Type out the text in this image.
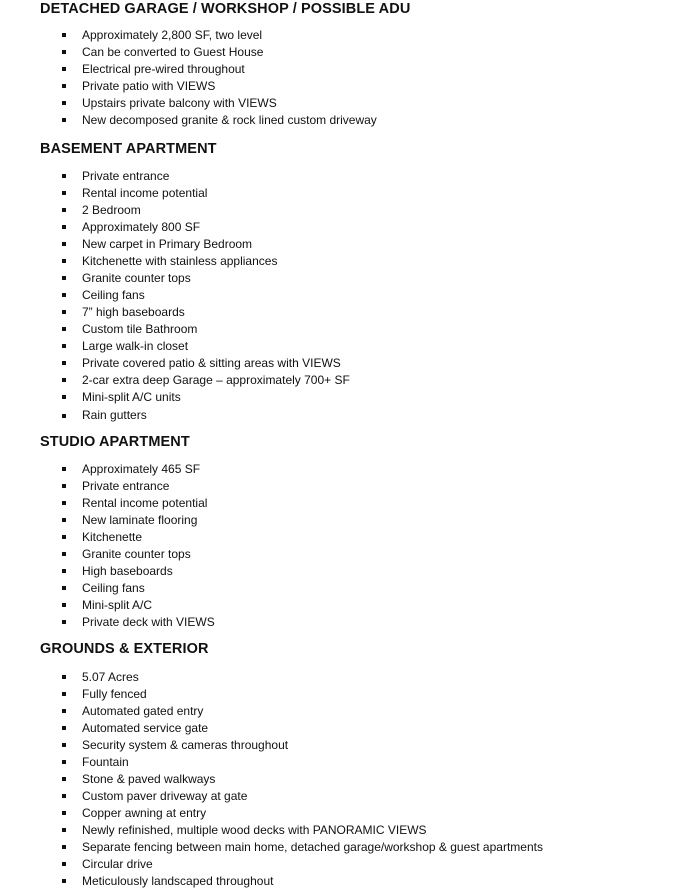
DETACHED GARAGE / WORKSHOP / POSSIBLE ADU
Approximately 2,800 SF, two level
Can be converted to Guest House
Electrical pre-wired throughout
Private patio with VIEWS
Upstairs private balcony with VIEWS
New decomposed granite & rock lined custom driveway
BASEMENT APARTMENT
Private entrance
Rental income potential
2 Bedroom
Approximately 800 SF
New carpet in Primary Bedroom
Kitchenette with stainless appliances
Granite counter tops
Ceiling fans
7” high baseboards
Custom tile Bathroom
Large walk-in closet
Private covered patio & sitting areas with VIEWS
2-car extra deep Garage – approximately 700+ SF
Mini-split A/C units
Rain gutters
STUDIO APARTMENT
Approximately 465 SF
Private entrance
Rental income potential
New laminate flooring
Kitchenette
Granite counter tops
High baseboards
Ceiling fans
Mini-split A/C
Private deck with VIEWS
GROUNDS & EXTERIOR
5.07 Acres
Fully fenced
Automated gated entry
Automated service gate
Security system & cameras throughout
Fountain
Stone & paved walkways
Custom paver driveway at gate
Copper awning at entry
Newly refinished, multiple wood decks with PANORAMIC VIEWS
Separate fencing between main home, detached garage/workshop & guest apartments
Circular drive
Meticulously landscaped throughout
